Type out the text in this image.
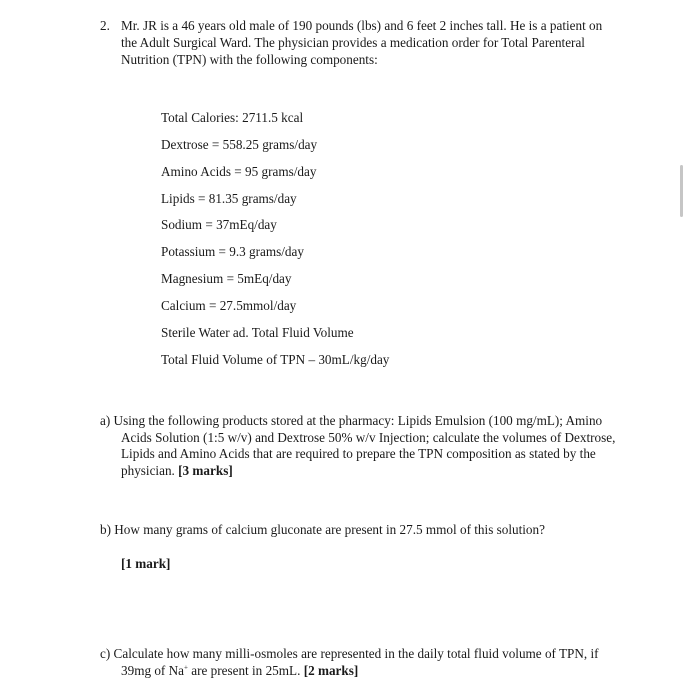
2. Mr. JR is a 46 years old male of 190 pounds (lbs) and 6 feet 2 inches tall. He is a patient on the Adult Surgical Ward. The physician provides a medication order for Total Parenteral Nutrition (TPN) with the following components:
Total Calories: 2711.5 kcal
Dextrose = 558.25 grams/day
Amino Acids = 95 grams/day
Lipids = 81.35 grams/day
Sodium = 37mEq/day
Potassium = 9.3 grams/day
Magnesium = 5mEq/day
Calcium = 27.5mmol/day
Sterile Water ad. Total Fluid Volume
Total Fluid Volume of TPN – 30mL/kg/day
a) Using the following products stored at the pharmacy: Lipids Emulsion (100 mg/mL); Amino Acids Solution (1:5 w/v) and Dextrose 50% w/v Injection; calculate the volumes of Dextrose, Lipids and Amino Acids that are required to prepare the TPN composition as stated by the physician. [3 marks]
b) How many grams of calcium gluconate are present in 27.5 mmol of this solution?
[1 mark]
c) Calculate how many milli-osmoles are represented in the daily total fluid volume of TPN, if 39mg of Na+ are present in 25mL. [2 marks]
